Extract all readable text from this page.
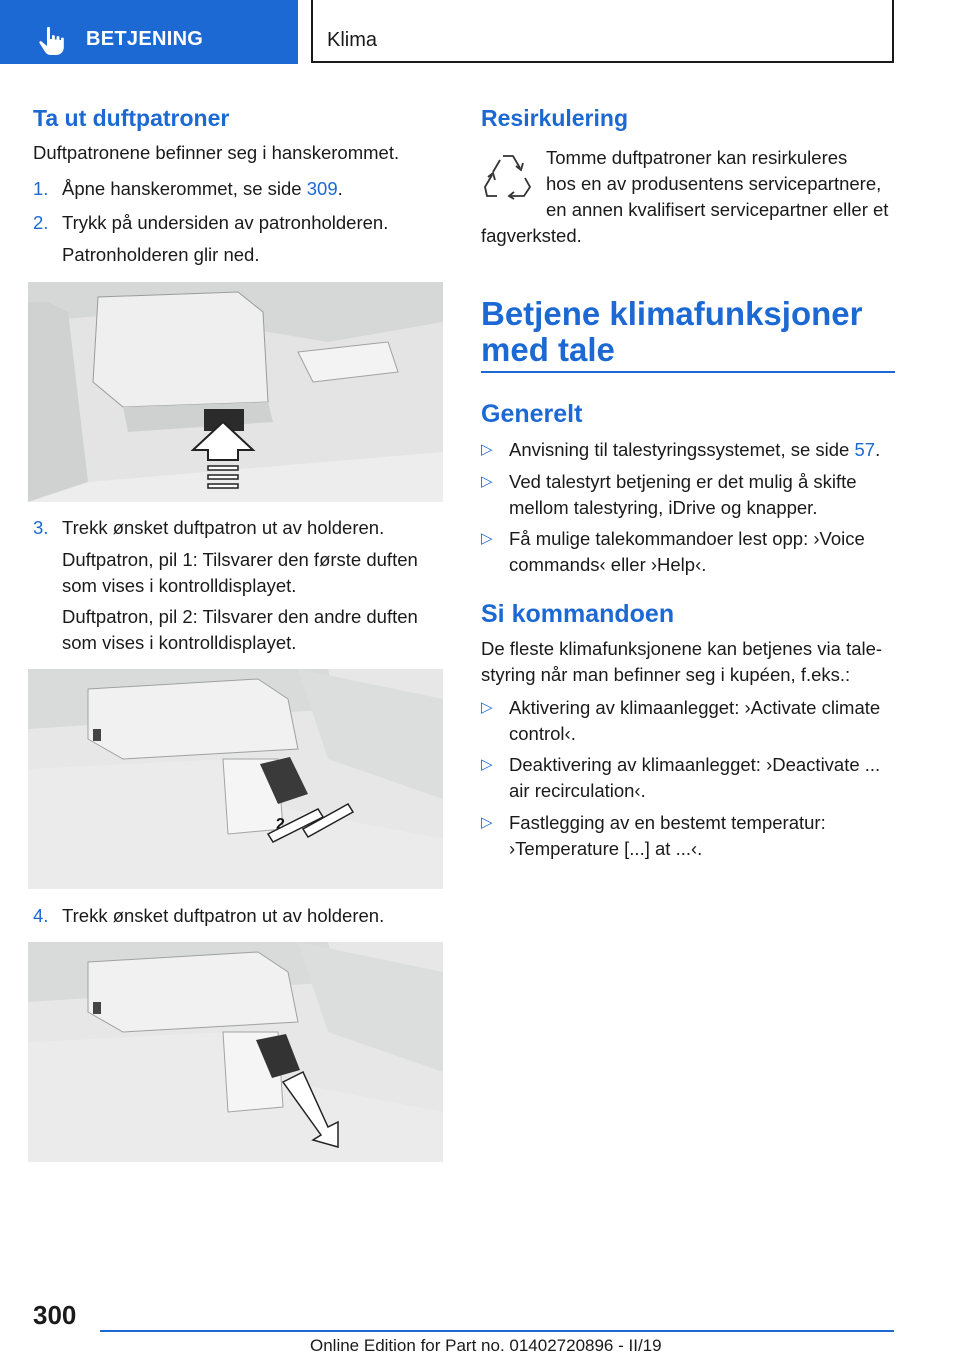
BETJENING	Klima
Ta ut duftpatroner

Duftpatronene befinner seg i hanskerommet.

1. Åpne hanskerommet, se side 309.
2. Trykk på undersiden av patronholderen.
Patronholderen glir ned.
3. Trekk ønsket duftpatron ut av holderen.
Duftpatron, pil 1: Tilsvarer den første duften
som vises i kontrolldisplayet.
Duftpatron, pil 2: Tilsvarer den andre duften
som vises i kontrolldisplayet.
2
4. Trekk ønsket duftpatron ut av holderen.
Resirkulering

Tomme duftpatroner kan resirkuleres

hos en av produsentens servicepartnere,

en annen kvalifisert servicepartner eller et

fagverksted.

Betjene klimafunksjoner
med tale
Generelt
▷ Anvisning til talestyringssystemet, se side 57.
▷ Ved talestyrt betjening er det mulig å skifte
mellom talestyring, iDrive og knapper.
▷ Få mulige talekommandoer lest opp: ›Voice
commands‹ eller ›Help‹.
Si kommandoen

De fleste klimafunksjonene kan betjenes via tale-

styring når man befinner seg i kupéen, f.eks.:

▷ Aktivering av klimaanlegget: ›Activate climate
control‹.
▷ Deaktivering av klimaanlegget: ›Deactivate ...
air recirculation‹.
▷ Fastlegging av en bestemt temperatur:
›Temperature [...] at ...‹.
300
Online Edition for Part no. 01402720896 - II/19
